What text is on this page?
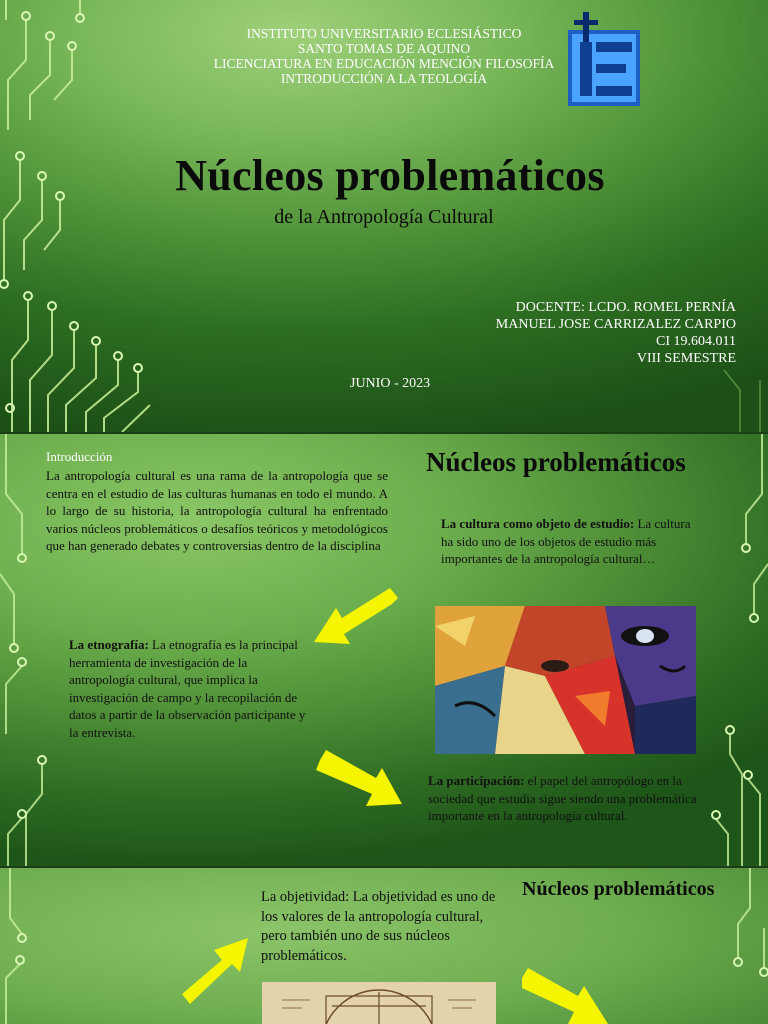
INSTITUTO UNIVERSITARIO ECLESIÁSTICO
SANTO TOMAS DE AQUINO
LICENCIATURA EN EDUCACIÓN MENCIÓN FILOSOFÍA
INTRODUCCIÓN A LA TEOLOGÍA
Núcleos problemáticos
de la Antropología Cultural
DOCENTE: LCDO. ROMEL PERNÍA
MANUEL JOSE CARRIZALEZ CARPIO
CI 19.604.011
VIII SEMESTRE
JUNIO - 2023
Introducción
La antropología cultural es una rama de la antropología que se centra en el estudio de las culturas humanas en todo el mundo. A lo largo de su historia, la antropología cultural ha enfrentado varios núcleos problemáticos o desafíos teóricos y metodológicos que han generado debates y controversias dentro de la disciplina
Núcleos problemáticos
La cultura como objeto de estudio: La cultura ha sido uno de los objetos de estudio más importantes de la antropología cultural…
La etnografía: La etnografía es la principal herramienta de investigación de la antropología cultural, que implica la investigación de campo y la recopilación de datos a partir de la observación participante y la entrevista.
La participación: el papel del antropólogo en la sociedad que estudia sigue siendo una problemática importante en la antropología cultural.
La objetividad: La objetividad es uno de los valores de la antropología cultural, pero también uno de sus núcleos problemáticos.
Núcleos problemáticos
